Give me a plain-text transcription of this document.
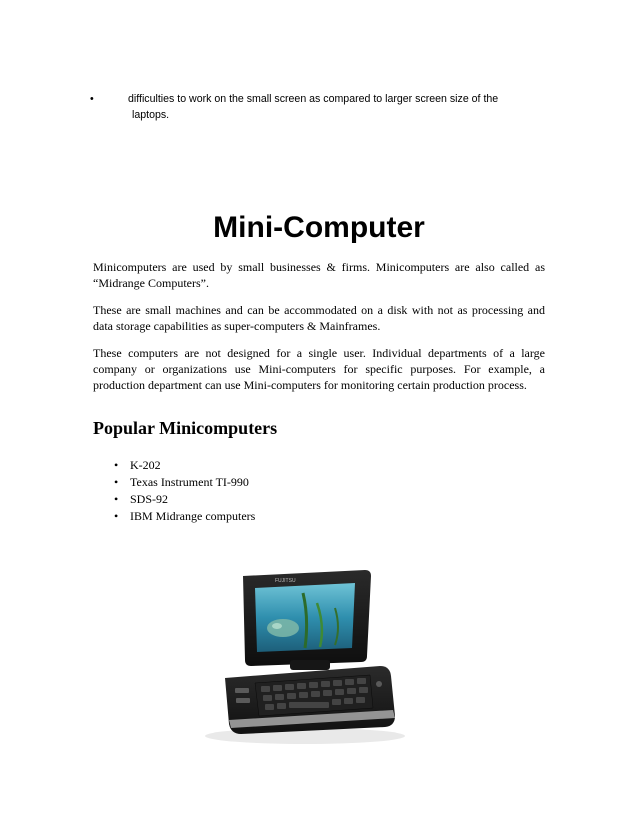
•	difficulties to work on the small screen as compared to larger screen size of the
laptops.
Mini-Computer

Minicomputers are used by small businesses & firms. Minicomputers are also called as “Midrange Computers”.

These are small machines and can be accommodated on a disk with not as processing and data storage capabilities as super-computers & Mainframes.

These computers are not designed for a single user. Individual departments of a large company or organizations use Mini-computers for specific purposes. For example, a production department can use Mini-computers for monitoring certain production process.

Popular Minicomputers
• K-202
• Texas Instrument TI-990
• SDS-92
• IBM Midrange computers
FUJITSU
